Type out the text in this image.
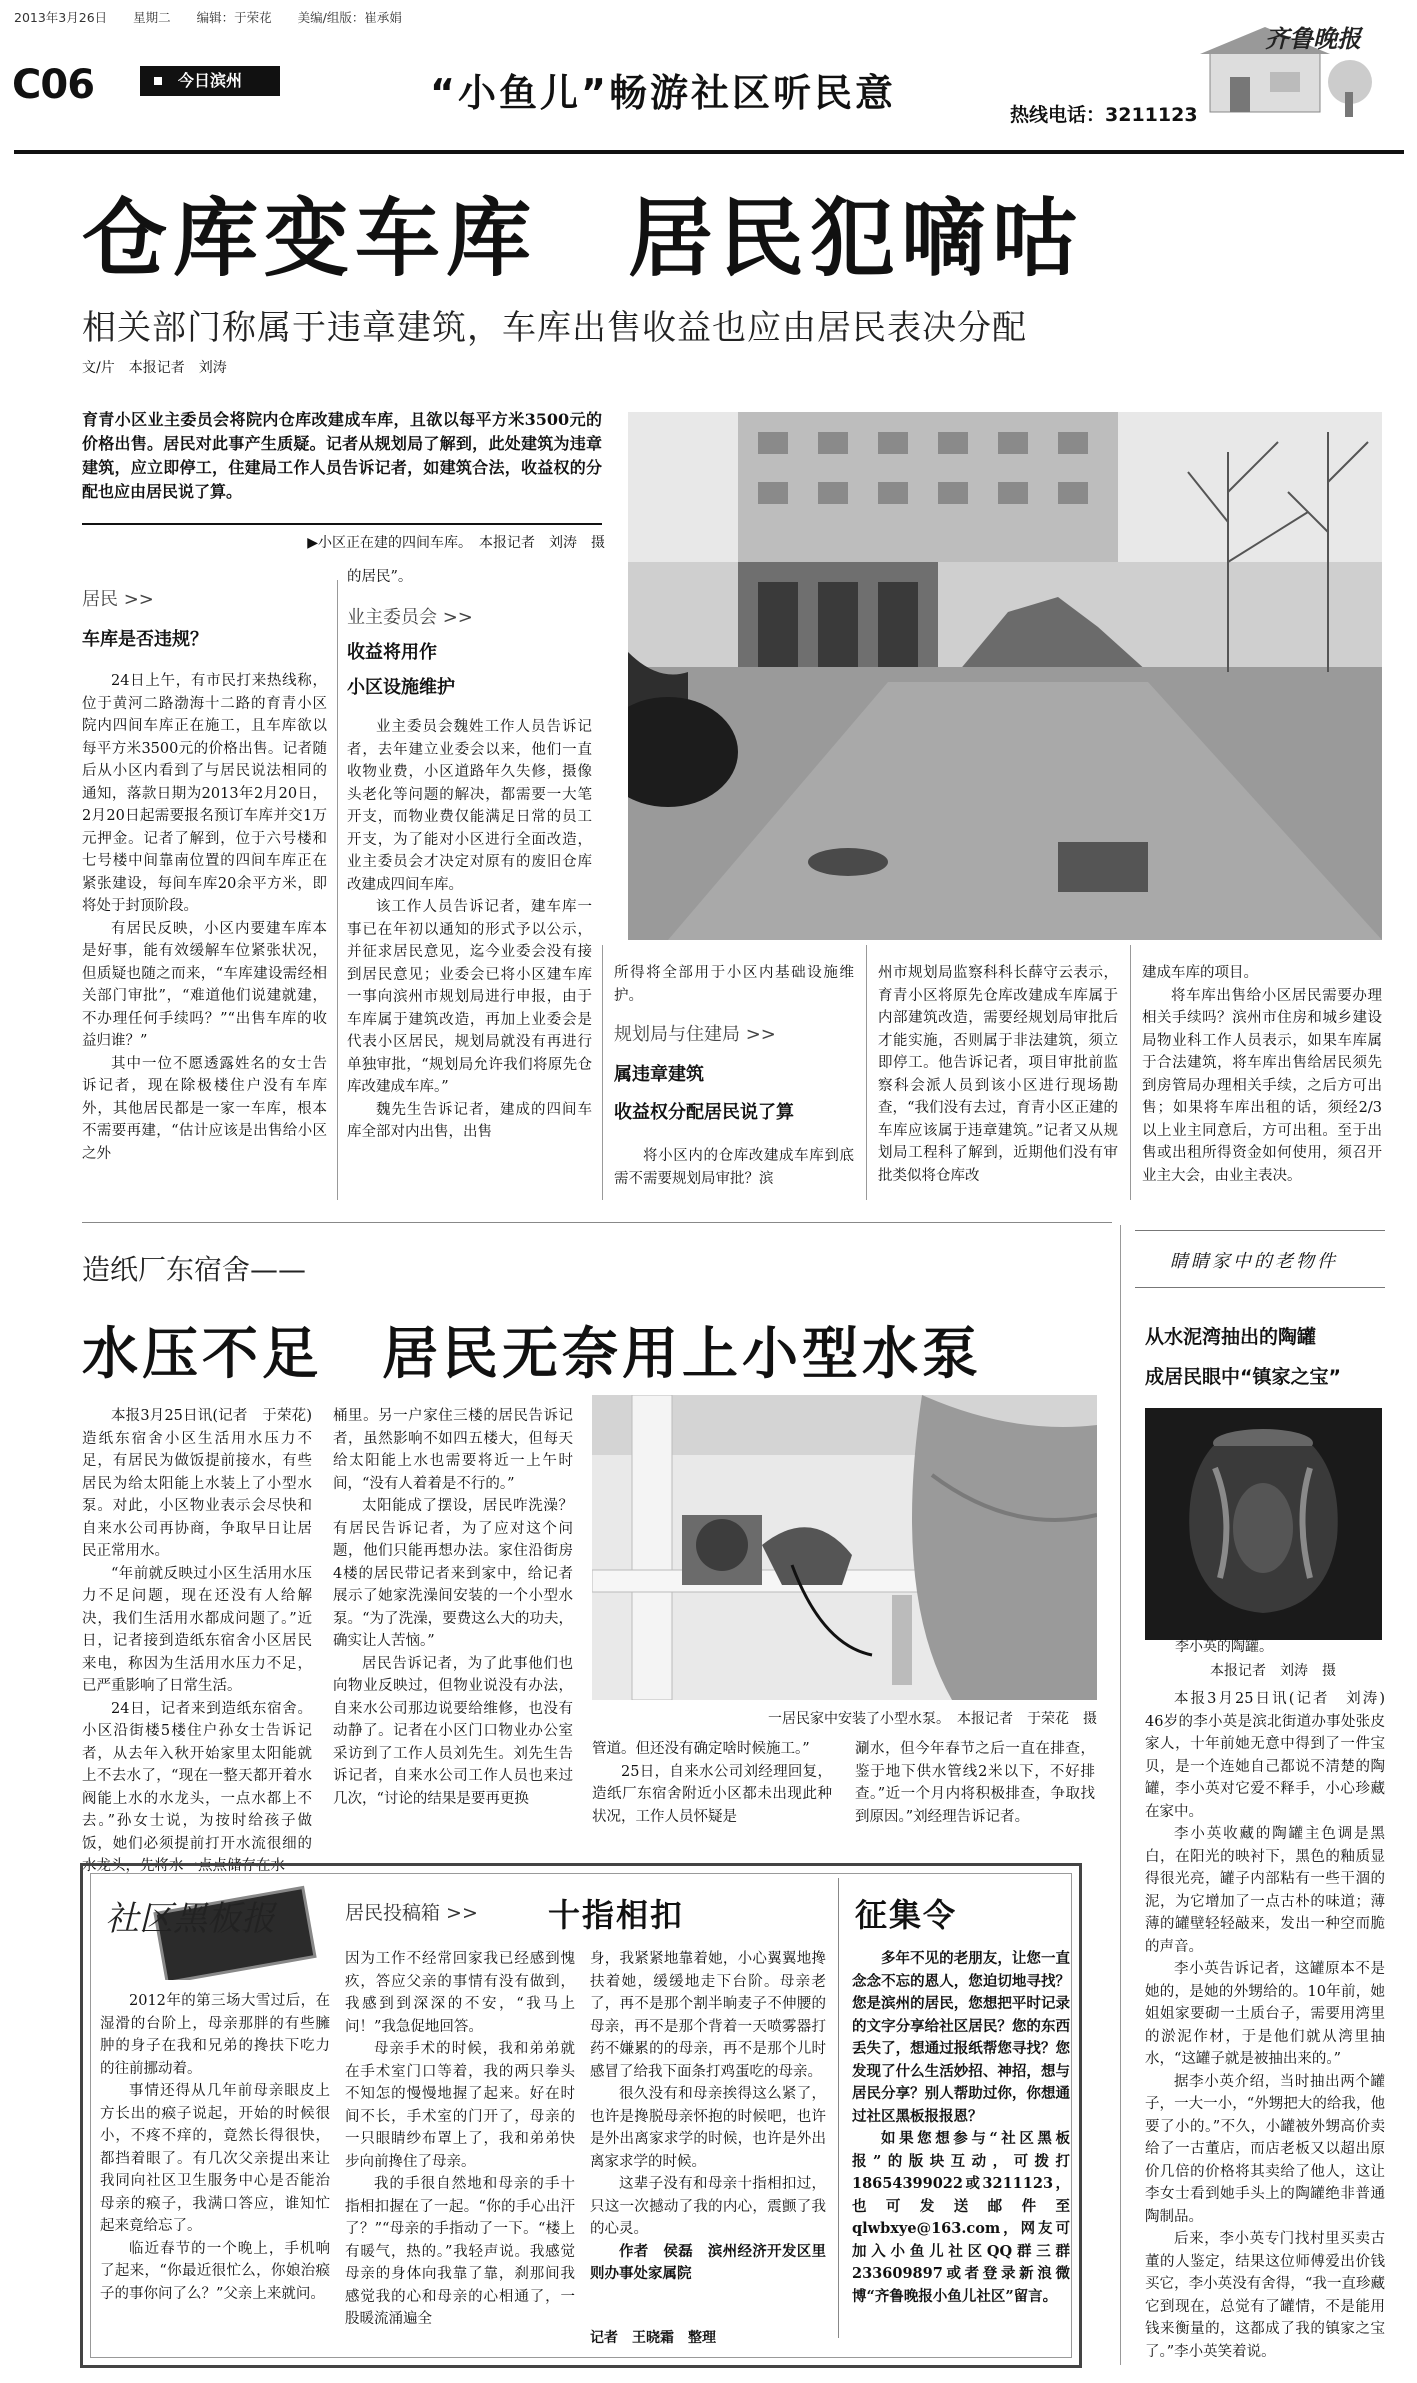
2013年3月26日 星期二 编辑：于荣花 美编/组版：崔承娟
C06	今日滨州	“小鱼儿”畅游社区听民意	热线电话：3211123
齐鲁晚报
仓库变车库　居民犯嘀咕
相关部门称属于违章建筑，车库出售收益也应由居民表决分配
文/片　本报记者　刘涛
育青小区业主委员会将院内仓库改建成车库，且欲以每平方米3500元的价格出售。居民对此事产生质疑。记者从规划局了解到，此处建筑为违章建筑，应立即停工，住建局工作人员告诉记者，如建筑合法，收益权的分配也应由居民说了算。
▶小区正在建的四间车库。　本报记者　刘涛　摄
居民 >>
车库是否违规？

24日上午，有市民打来热线称，位于黄河二路渤海十二路的育青小区院内四间车库正在施工，且车库欲以每平方米3500元的价格出售。记者随后从小区内看到了与居民说法相同的通知，落款日期为2013年2月20日，2月20日起需要报名预订车库并交1万元押金。记者了解到，位于六号楼和七号楼中间靠南位置的四间车库正在紧张建设，每间车库20余平方米，即将处于封顶阶段。

有居民反映，小区内要建车库本是好事，能有效缓解车位紧张状况，但质疑也随之而来，“车库建设需经相关部门审批”，“难道他们说建就建，不办理任何手续吗？”“出售车库的收益归谁？”

其中一位不愿透露姓名的女士告诉记者，现在除极楼住户没有车库外，其他居民都是一家一车库，根本不需要再建，“估计应该是出售给小区之外

的居民”。
业主委员会 >>
收益将用作
小区设施维护

业主委员会魏姓工作人员告诉记者，去年建立业委会以来，他们一直收物业费，小区道路年久失修，摄像头老化等问题的解决，都需要一大笔开支，而物业费仅能满足日常的员工开支，为了能对小区进行全面改造，业主委员会才决定对原有的废旧仓库改建成四间车库。

该工作人员告诉记者，建车库一事已在年初以通知的形式予以公示，并征求居民意见，迄今业委会没有接到居民意见；业委会已将小区建车库一事向滨州市规划局进行申报，由于车库属于建筑改造，再加上业委会是代表小区居民，规划局就没有再进行单独审批，“规划局允许我们将原先仓库改建成车库。”

魏先生告诉记者，建成的四间车库全部对内出售，出售

所得将全部用于小区内基础设施维护。

规划局与住建局 >>
属违章建筑
收益权分配居民说了算

将小区内的仓库改建成车库到底需不需要规划局审批？滨

州市规划局监察科科长薛守云表示，育青小区将原先仓库改建成车库属于内部建筑改造，需要经规划局审批后才能实施，否则属于非法建筑，须立即停工。他告诉记者，项目审批前监察科会派人员到该小区进行现场勘查，“我们没有去过，育青小区正建的车库应该属于违章建筑。”记者又从规划局工程科了解到，近期他们没有审批类似将仓库改

建成车库的项目。

将车库出售给小区居民需要办理相关手续吗？滨州市住房和城乡建设局物业科工作人员表示，如果车库属于合法建筑，将车库出售给居民须先到房管局办理相关手续，之后方可出售；如果将车库出租的话，须经2/3以上业主同意后，方可出租。至于出售或出租所得资金如何使用，须召开业主大会，由业主表决。

造纸厂东宿舍——
水压不足　居民无奈用上小型水泵

本报3月25日讯(记者　于荣花)　造纸东宿舍小区生活用水压力不足，有居民为做饭提前接水，有些居民为给太阳能上水装上了小型水泵。对此，小区物业表示会尽快和自来水公司再协商，争取早日让居民正常用水。

“年前就反映过小区生活用水压力不足问题，现在还没有人给解决，我们生活用水都成问题了。”近日，记者接到造纸东宿舍小区居民来电，称因为生活用水压力不足，已严重影响了日常生活。

24日，记者来到造纸东宿舍。小区沿街楼5楼住户孙女士告诉记者，从去年入秋开始家里太阳能就上不去水了，“现在一整天都开着水阀能上水的水龙头，一点水都上不去。”孙女士说，为按时给孩子做饭，她们必须提前打开水流很细的水龙头，先将水一点点储存在水

桶里。另一户家住三楼的居民告诉记者，虽然影响不如四五楼大，但每天给太阳能上水也需要将近一上午时间，“没有人着着是不行的。”

太阳能成了摆设，居民咋洗澡？有居民告诉记者，为了应对这个问题，他们只能再想办法。家住沿街房4楼的居民带记者来到家中，给记者展示了她家洗澡间安装的一个小型水泵。“为了洗澡，要费这么大的功夫，确实让人苦恼。”

居民告诉记者，为了此事他们也向物业反映过，但物业说没有办法，自来水公司那边说要给维修，也没有动静了。记者在小区门口物业办公室采访到了工作人员刘先生。刘先生告诉记者，自来水公司工作人员也来过几次，“讨论的结果是要再更换

一居民家中安装了小型水泵。　本报记者　于荣花　摄

管道。但还没有确定啥时候施工。”

25日，自来水公司刘经理回复，造纸厂东宿舍附近小区都未出现此种状况，工作人员怀疑是

涮水，但今年春节之后一直在排查，鉴于地下供水管线2米以下，不好排查。”近一个月内将积极排查，争取找到原因。”刘经理告诉记者。

睛睛家中的老物件
从水泥湾抽出的陶罐
成居民眼中“镇家之宝”
李小英的陶罐。
本报记者　刘涛　摄

本报3月25日讯(记者　刘涛)　46岁的李小英是滨北街道办事处张皮家人，十年前她无意中得到了一件宝贝，是一个连她自己都说不清楚的陶罐，李小英对它爱不释手，小心珍藏在家中。

李小英收藏的陶罐主色调是黑白，在阳光的映衬下，黑色的釉质显得很光亮，罐子内部粘有一些干涸的泥，为它增加了一点古朴的味道；薄薄的罐壁轻轻敲来，发出一种空而脆的声音。

李小英告诉记者，这罐原本不是她的，是她的外甥给的。10年前，她姐姐家要砌一土质台子，需要用湾里的淤泥作材，于是他们就从湾里抽水，“这罐子就是被抽出来的。”

据李小英介绍，当时抽出两个罐子，一大一小，“外甥把大的给我，他要了小的。”不久，小罐被外甥高价卖给了一古董店，而店老板又以超出原价几倍的价格将其卖给了他人，这让李女士看到她手头上的陶罐绝非普通陶制品。

后来，李小英专门找村里买卖古董的人鉴定，结果这位师傅爱出价钱买它，李小英没有舍得，“我一直珍藏它到现在，总觉有了罐情，不是能用钱来衡量的，这都成了我的镇家之宝了。”李小英笑着说。

社区黑板报	居民投稿箱 >> 十指相扣

2012年的第三场大雪过后，在湿滑的台阶上，母亲那胖的有些臃肿的身子在我和兄弟的搀扶下吃力的往前挪动着。

事情还得从几年前母亲眼皮上方长出的瘊子说起，开始的时候很小，不疼不痒的，竟然长得很快，都挡着眼了。有几次父亲提出来让我同向社区卫生服务中心是否能治母亲的瘊子，我满口答应，谁知忙起来竟给忘了。

临近春节的一个晚上，手机响了起来，“你最近很忙么，你娘治瘊子的事你问了么？”父亲上来就问。

因为工作不经常回家我已经感到愧疚，答应父亲的事情有没有做到，我感到到深深的不安，“我马上问！”我急促地回答。

母亲手术的时候，我和弟弟就在手术室门口等着，我的两只拳头不知怎的慢慢地握了起来。好在时间不长，手术室的门开了，母亲的一只眼睛纱布罩上了，我和弟弟快步向前搀住了母亲。

我的手很自然地和母亲的手十指相扣握在了一起。“你的手心出汗了？”“母亲的手指动了一下。“楼上有暖气，热的。”我轻声说。我感觉母亲的身体向我靠了靠，刹那间我感觉我的心和母亲的心相通了，一股暖流涌遍全

身，我紧紧地靠着她，小心翼翼地搀扶着她，缓缓地走下台阶。母亲老了，再不是那个割半晌麦子不伸腰的母亲，再不是那个背着一天喷雾器打药不嫌累的的母亲，再不是那个儿时感冒了给我下面条打鸡蛋吃的母亲。

很久没有和母亲挨得这么紧了，也许是搀脱母亲怀抱的时候吧，也许是外出离家求学的时候，也许是外出离家求学的时候。

这辈子没有和母亲十指相扣过，只这一次撼动了我的内心，震颤了我的心灵。

作者　侯磊　滨州经济开发区里则办事处家属院

记者　王晓霜　整理
征集令

多年不见的老朋友，让您一直念念不忘的恩人，您迫切地寻找？您是滨州的居民，您想把平时记录的文字分享给社区居民？您的东西丢失了，想通过报纸帮您寻找？您发现了什么生活妙招、神招，想与居民分享？别人帮助过你，你想通过社区黑板报报恩？

如果您想参与“社区黑板报”的版块互动，可拨打18654399022或3211123，也可发送邮件至qlwbxye@163.com，网友可加入小鱼儿社区QQ群三群233609897或者登录新浪微博“齐鲁晚报小鱼儿社区”留言。
